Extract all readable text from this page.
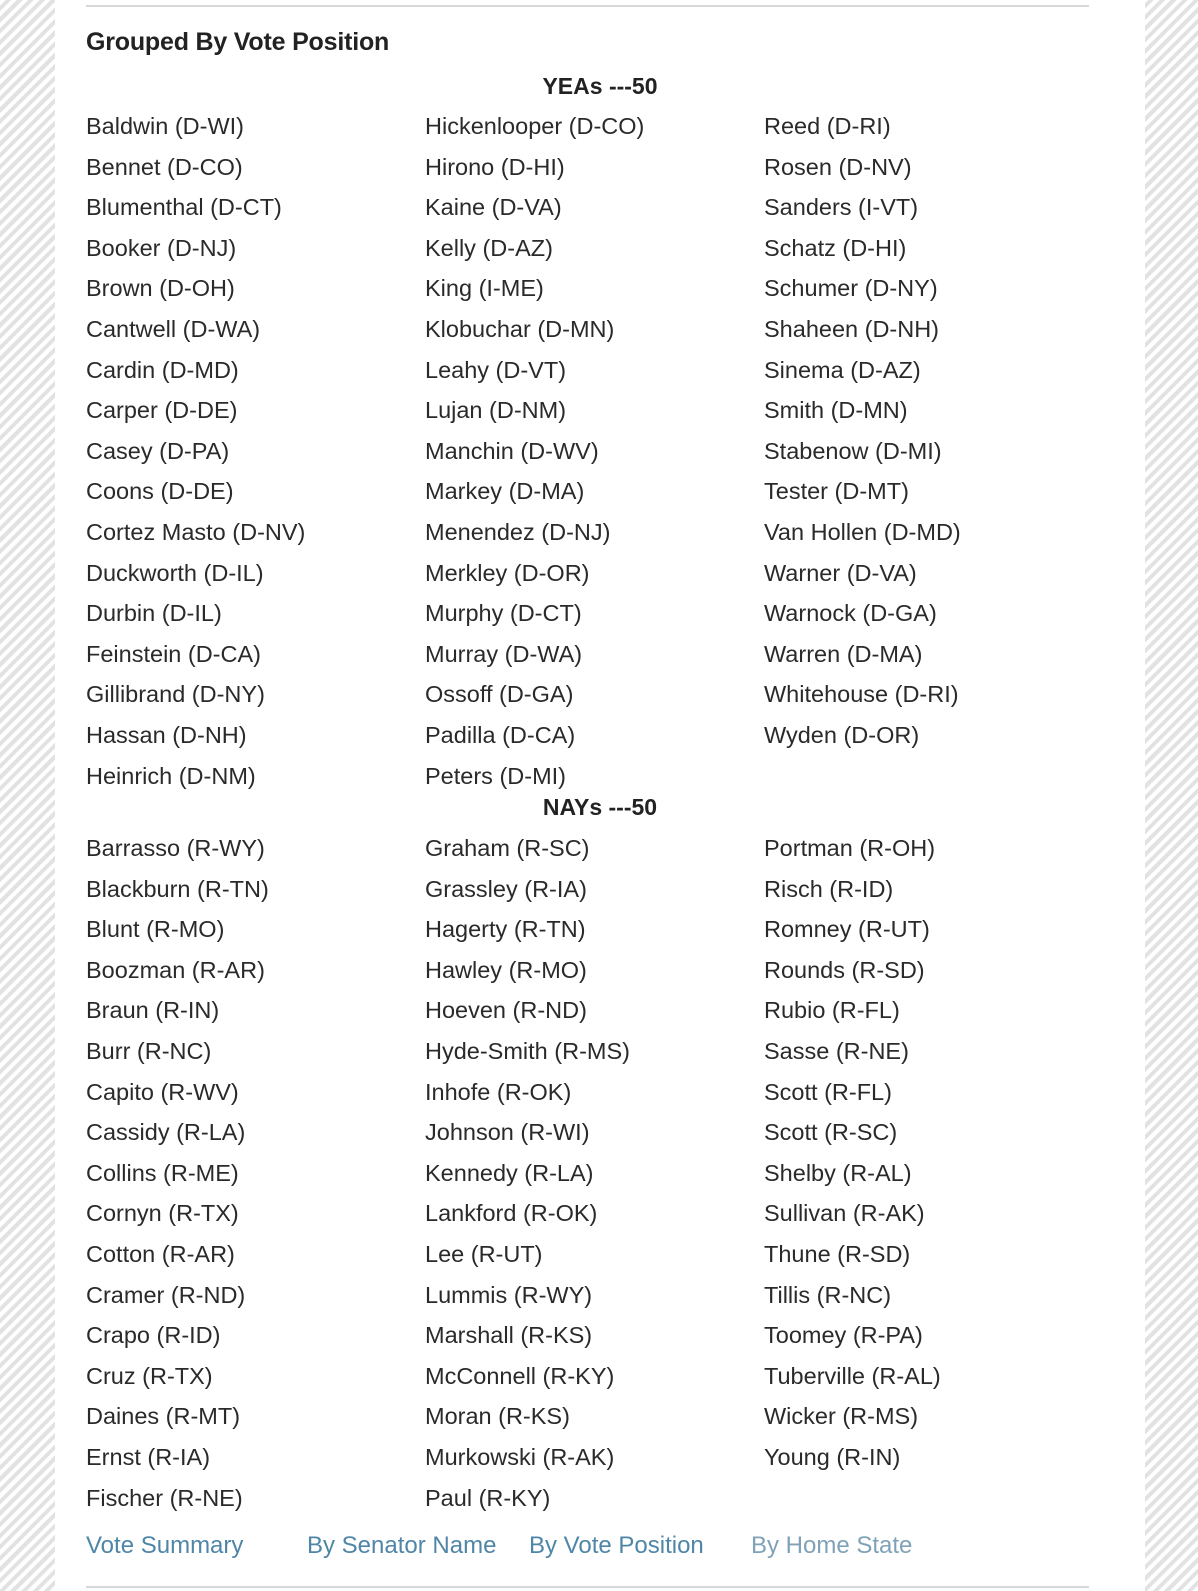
Grouped By Vote Position
YEAs ---50
Baldwin (D-WI)
Bennet (D-CO)
Blumenthal (D-CT)
Booker (D-NJ)
Brown (D-OH)
Cantwell (D-WA)
Cardin (D-MD)
Carper (D-DE)
Casey (D-PA)
Coons (D-DE)
Cortez Masto (D-NV)
Duckworth (D-IL)
Durbin (D-IL)
Feinstein (D-CA)
Gillibrand (D-NY)
Hassan (D-NH)
Heinrich (D-NM)
Hickenlooper (D-CO)
Hirono (D-HI)
Kaine (D-VA)
Kelly (D-AZ)
King (I-ME)
Klobuchar (D-MN)
Leahy (D-VT)
Lujan (D-NM)
Manchin (D-WV)
Markey (D-MA)
Menendez (D-NJ)
Merkley (D-OR)
Murphy (D-CT)
Murray (D-WA)
Ossoff (D-GA)
Padilla (D-CA)
Peters (D-MI)
Reed (D-RI)
Rosen (D-NV)
Sanders (I-VT)
Schatz (D-HI)
Schumer (D-NY)
Shaheen (D-NH)
Sinema (D-AZ)
Smith (D-MN)
Stabenow (D-MI)
Tester (D-MT)
Van Hollen (D-MD)
Warner (D-VA)
Warnock (D-GA)
Warren (D-MA)
Whitehouse (D-RI)
Wyden (D-OR)
NAYs ---50
Barrasso (R-WY)
Blackburn (R-TN)
Blunt (R-MO)
Boozman (R-AR)
Braun (R-IN)
Burr (R-NC)
Capito (R-WV)
Cassidy (R-LA)
Collins (R-ME)
Cornyn (R-TX)
Cotton (R-AR)
Cramer (R-ND)
Crapo (R-ID)
Cruz (R-TX)
Daines (R-MT)
Ernst (R-IA)
Fischer (R-NE)
Graham (R-SC)
Grassley (R-IA)
Hagerty (R-TN)
Hawley (R-MO)
Hoeven (R-ND)
Hyde-Smith (R-MS)
Inhofe (R-OK)
Johnson (R-WI)
Kennedy (R-LA)
Lankford (R-OK)
Lee (R-UT)
Lummis (R-WY)
Marshall (R-KS)
McConnell (R-KY)
Moran (R-KS)
Murkowski (R-AK)
Paul (R-KY)
Portman (R-OH)
Risch (R-ID)
Romney (R-UT)
Rounds (R-SD)
Rubio (R-FL)
Sasse (R-NE)
Scott (R-FL)
Scott (R-SC)
Shelby (R-AL)
Sullivan (R-AK)
Thune (R-SD)
Tillis (R-NC)
Toomey (R-PA)
Tuberville (R-AL)
Wicker (R-MS)
Young (R-IN)
Vote Summary	By Senator Name By Vote Position By Home State
